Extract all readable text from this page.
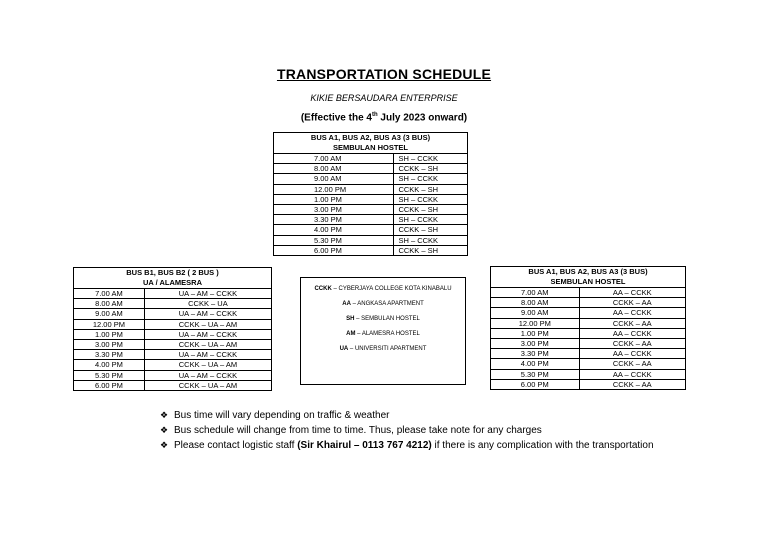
TRANSPORTATION SCHEDULE
KIKIE BERSAUDARA ENTERPRISE
(Effective the 4th July 2023 onward)
BUS A1, BUS A2, BUS A3 (3 BUS)
SEMBULAN HOSTEL	
7.00 AM	SH – CCKK
8.00 AM	CCKK – SH
9.00 AM	SH – CCKK
12.00 PM	CCKK – SH
1.00 PM	SH – CCKK
3.00 PM	CCKK – SH
3.30 PM	SH – CCKK
4.00 PM	CCKK – SH
5.30 PM	SH – CCKK
6.00 PM	CCKK – SH
BUS B1, BUS B2 ( 2 BUS )
UA / ALAMESRA	
7.00 AM	UA – AM – CCKK
8.00 AM	CCKK – UA
9.00 AM	UA – AM – CCKK
12.00 PM	CCKK – UA – AM
1.00 PM	UA – AM – CCKK
3.00 PM	CCKK – UA – AM
3.30 PM	UA – AM – CCKK
4.00 PM	CCKK – UA – AM
5.30 PM	UA – AM – CCKK
6.00 PM	CCKK – UA – AM
CCKK – CYBERJAYA COLLEGE KOTA KINABALU
AA – ANGKASA APARTMENT
SH – SEMBULAN HOSTEL
AM – ALAMESRA HOSTEL
UA – UNIVERSITI APARTMENT
BUS A1, BUS A2, BUS A3 (3 BUS)
SEMBULAN HOSTEL	
7.00 AM	AA – CCKK
8.00 AM	CCKK – AA
9.00 AM	AA – CCKK
12.00 PM	CCKK – AA
1.00 PM	AA – CCKK
3.00 PM	CCKK – AA
3.30 PM	AA – CCKK
4.00 PM	CCKK – AA
5.30 PM	AA – CCKK
6.00 PM	CCKK – AA
❖ Bus time will vary depending on traffic & weather
❖ Bus schedule will change from time to time. Thus, please take note for any charges
❖ Please contact logistic staff (Sir Khairul – 0113 767 4212) if there is any complication with the transportation
